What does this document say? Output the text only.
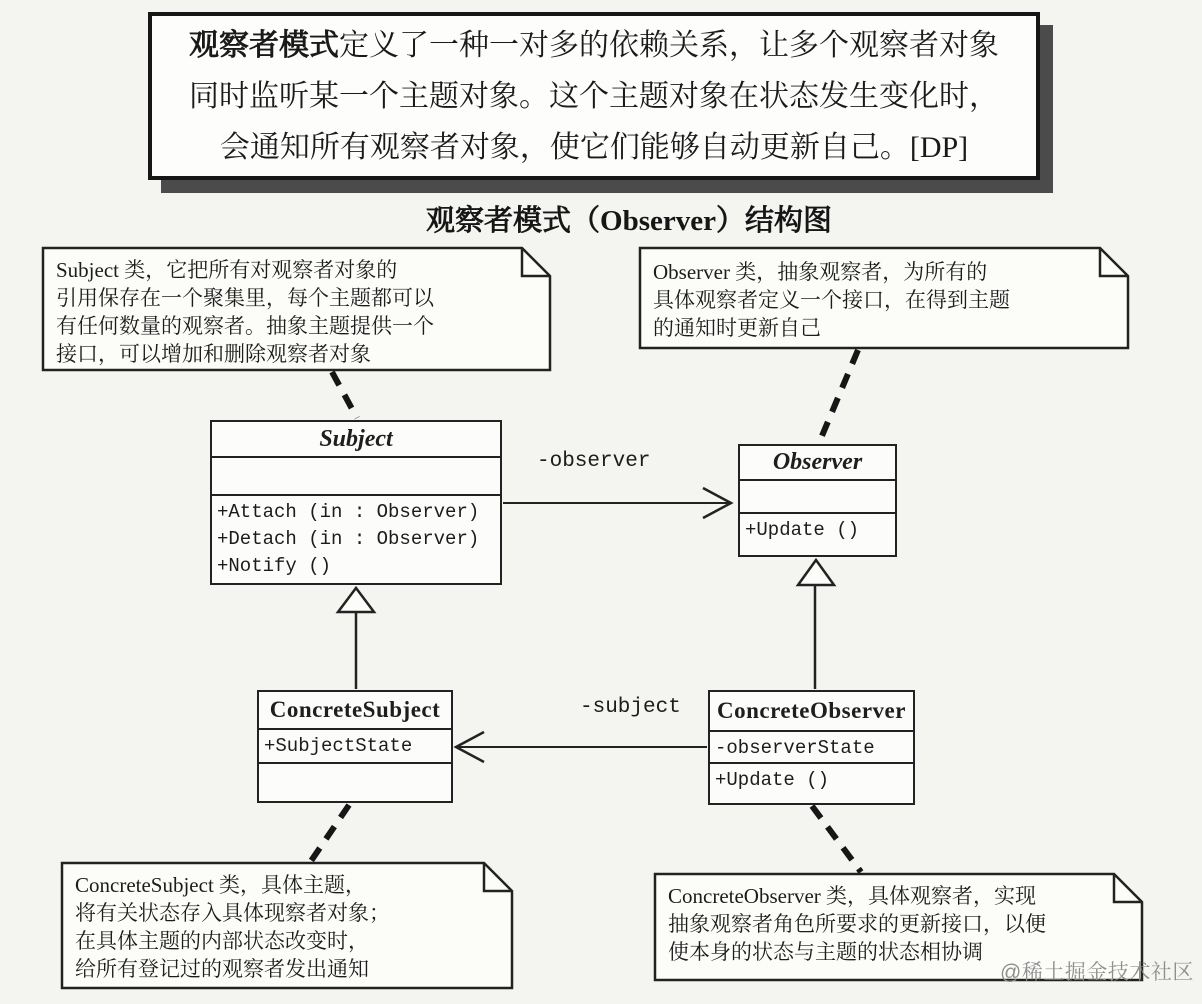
观察者模式定义了一种一对多的依赖关系，让多个观察者对象
同时监听某一个主题对象。这个主题对象在状态发生变化时，
会通知所有观察者对象，使它们能够自动更新自己。[DP]
观察者模式（Observer）结构图
Subject 类，它把所有对观察者对象的
引用保存在一个聚集里，每个主题都可以
有任何数量的观察者。抽象主题提供一个
接口，可以增加和删除观察者对象
Observer 类，抽象观察者，为所有的
具体观察者定义一个接口，在得到主题
的通知时更新自己
ConcreteSubject 类，具体主题，
将有关状态存入具体现察者对象；
在具体主题的内部状态改变时，
给所有登记过的观察者发出通知
ConcreteObserver 类，具体观察者，实现
抽象观察者角色所要求的更新接口，以便
使本身的状态与主题的状态相协调
Subject
+Attach (in : Observer)
+Detach (in : Observer)
+Notify ()
Observer
+Update ()
ConcreteSubject
+SubjectState
ConcreteObserver
-observerState
+Update ()
-observer
-subject
@稀土掘金技术社区
